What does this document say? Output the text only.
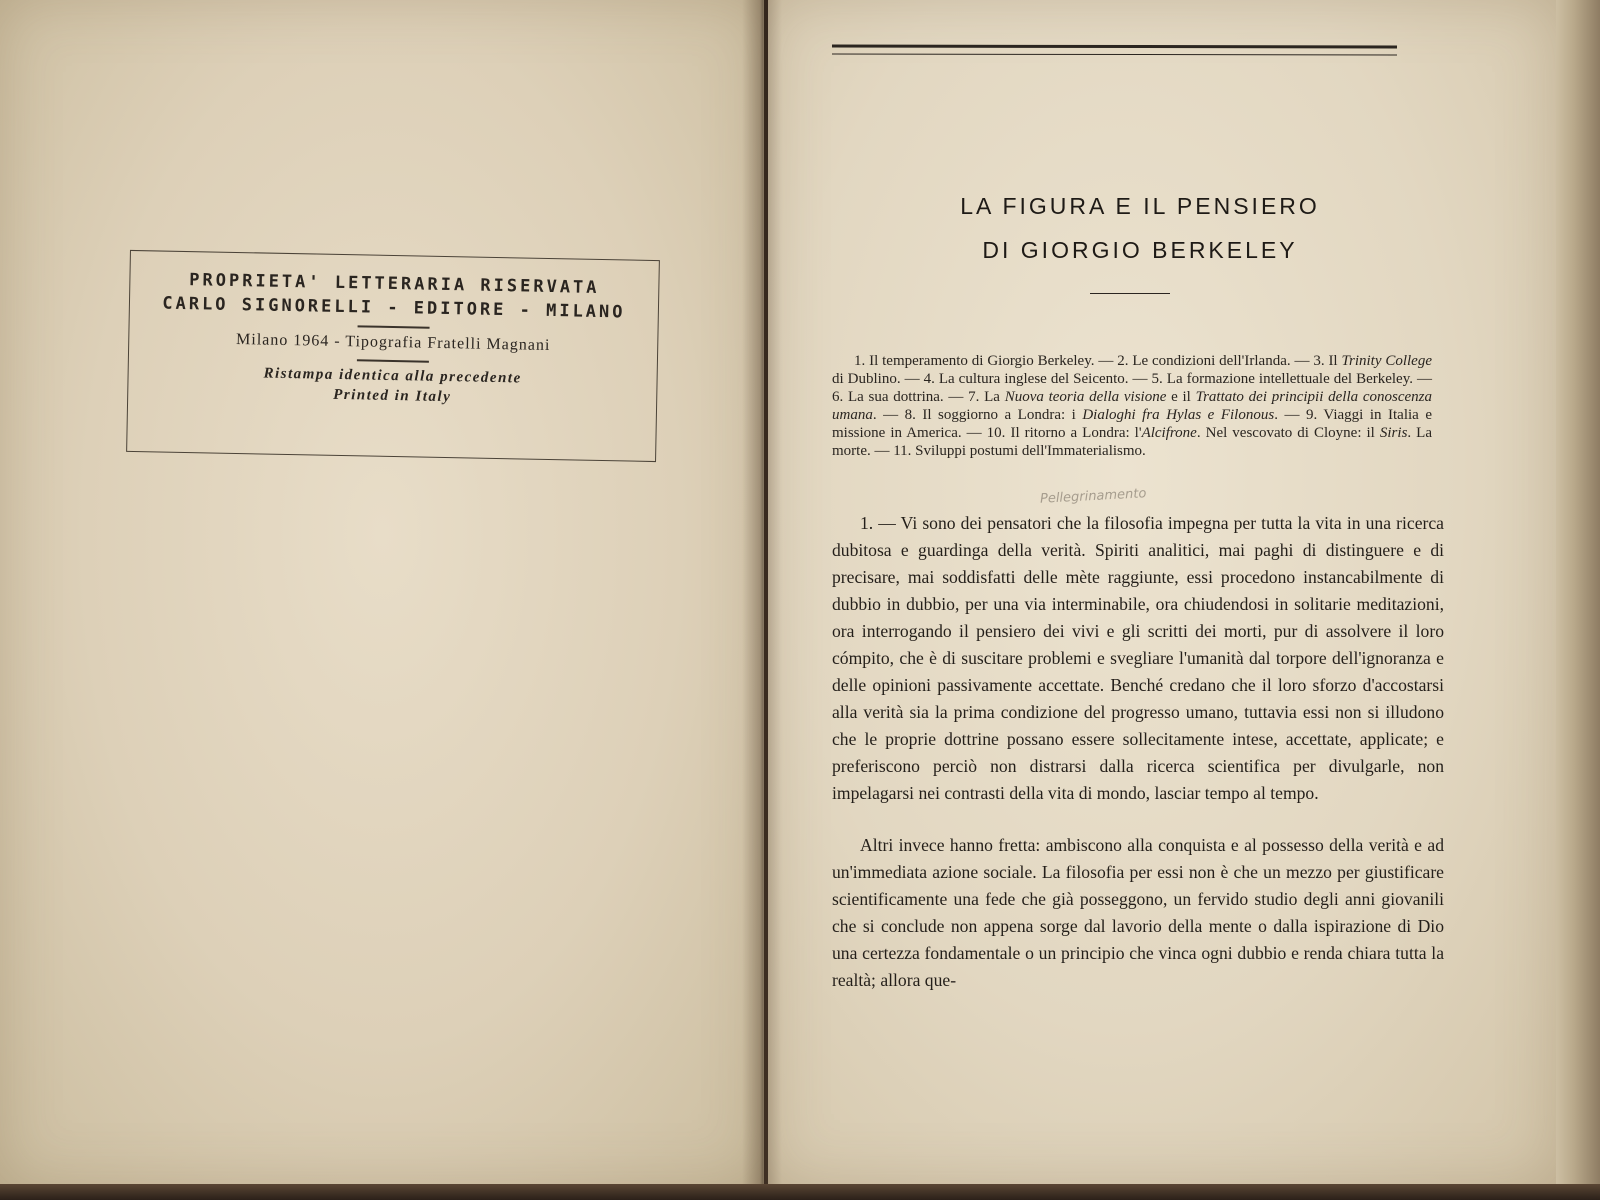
PROPRIETA' LETTERARIA RISERVATA

CARLO SIGNORELLI - EDITORE - MILANO

Milano 1964 - Tipografia Fratelli Magnani

Ristampa identica alla precedente

Printed in Italy

LA FIGURA E IL PENSIERO
DI GIORGIO BERKELEY

1. Il temperamento di Giorgio Berkeley. — 2. Le condizioni dell'Irlanda. — 3. Il Trinity College di Dublino. — 4. La cultura inglese del Seicento. — 5. La formazione intellettuale del Berkeley. — 6. La sua dottrina. — 7. La Nuova teoria della visione e il Trattato dei principii della conoscenza umana. — 8. Il soggiorno a Londra: i Dialoghi fra Hylas e Filonous. — 9. Viaggi in Italia e missione in America. — 10. Il ritorno a Londra: l'Alcifrone. Nel vescovato di Cloyne: il Siris. La morte. — 11. Sviluppi postumi dell'Immaterialismo.

Pellegrinamento

1. — Vi sono dei pensatori che la filosofia impegna per tutta la vita in una ricerca dubitosa e guardinga della verità. Spiriti analitici, mai paghi di distinguere e di precisare, mai soddisfatti delle mète raggiunte, essi procedono instancabilmente di dubbio in dubbio, per una via interminabile, ora chiudendosi in solitarie meditazioni, ora interrogando il pensiero dei vivi e gli scritti dei morti, pur di assolvere il loro cómpito, che è di suscitare problemi e svegliare l'umanità dal torpore dell'ignoranza e delle opinioni passivamente accettate. Benché credano che il loro sforzo d'accostarsi alla verità sia la prima condizione del progresso umano, tuttavia essi non si illudono che le proprie dottrine possano essere sollecitamente intese, accettate, applicate; e preferiscono perciò non distrarsi dalla ricerca scientifica per divulgarle, non impelagarsi nei contrasti della vita di mondo, lasciar tempo al tempo.

Altri invece hanno fretta: ambiscono alla conquista e al possesso della verità e ad un'immediata azione sociale. La filosofia per essi non è che un mezzo per giustificare scientificamente una fede che già posseggono, un fervido studio degli anni giovanili che si conclude non appena sorge dal lavorio della mente o dalla ispirazione di Dio una certezza fondamentale o un principio che vinca ogni dubbio e renda chiara tutta la realtà; allora que-
